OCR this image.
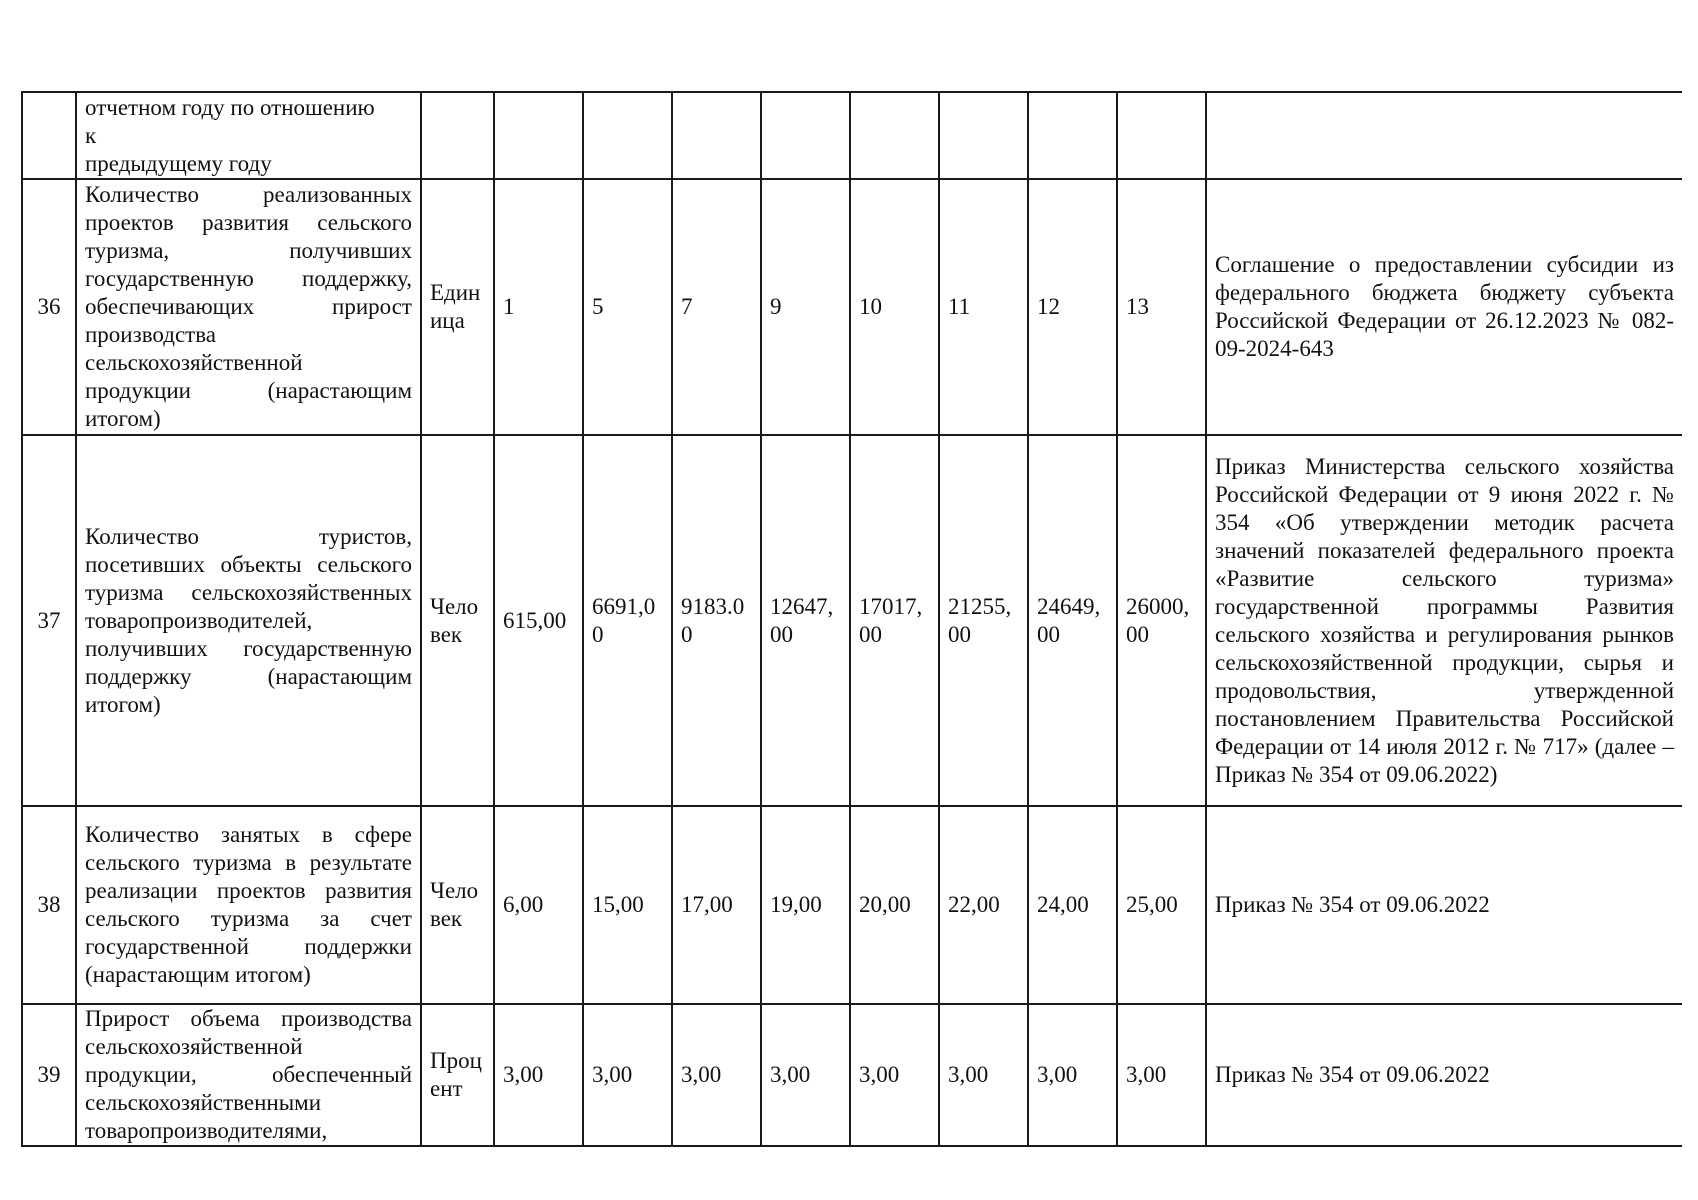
	отчетном году по отношению
к
предыдущему году										

36	Количество реализованных проектов развития сельского туризма, получивших государственную поддержку, обеспечивающих прирост производства сельскохозяйственной продукции (нарастающим итогом)	Единица	1	5	7	9	10	11	12	13	Соглашение о предоставлении субсидии из федерального бюджета бюджету субъекта Российской Федерации от 26.12.2023 № 082-09-2024-643
37	Количество туристов, посетивших объекты сельского туризма сельскохозяйственных товаропроизводителей, получивших государственную поддержку (нарастающим итогом)	Человек	615,00	6691,00	9183.00	12647,00	17017,00	21255,00	24649,00	26000,00	Приказ Министерства сельского хозяйства Российской Федерации от 9 июня 2022 г. № 354 «Об утверждении методик расчета значений показателей федерального проекта «Развитие сельского туризма» государственной программы Развития сельского хозяйства и регулирования рынков сельскохозяйственной продукции, сырья и продовольствия, утвержденной постановлением Правительства Российской Федерации от 14 июля 2012 г. № 717» (далее – Приказ № 354 от 09.06.2022)
38	Количество занятых в сфере сельского туризма в результате реализации проектов развития сельского туризма за счет государственной поддержки (нарастающим итогом)	Человек	6,00	15,00	17,00	19,00	20,00	22,00	24,00	25,00	Приказ № 354 от 09.06.2022
39	Прирост объема производства сельскохозяйственной продукции, обеспеченный сельскохозяйственными товаропроизводителями,	Процент	3,00	3,00	3,00	3,00	3,00	3,00	3,00	3,00	Приказ № 354 от 09.06.2022
